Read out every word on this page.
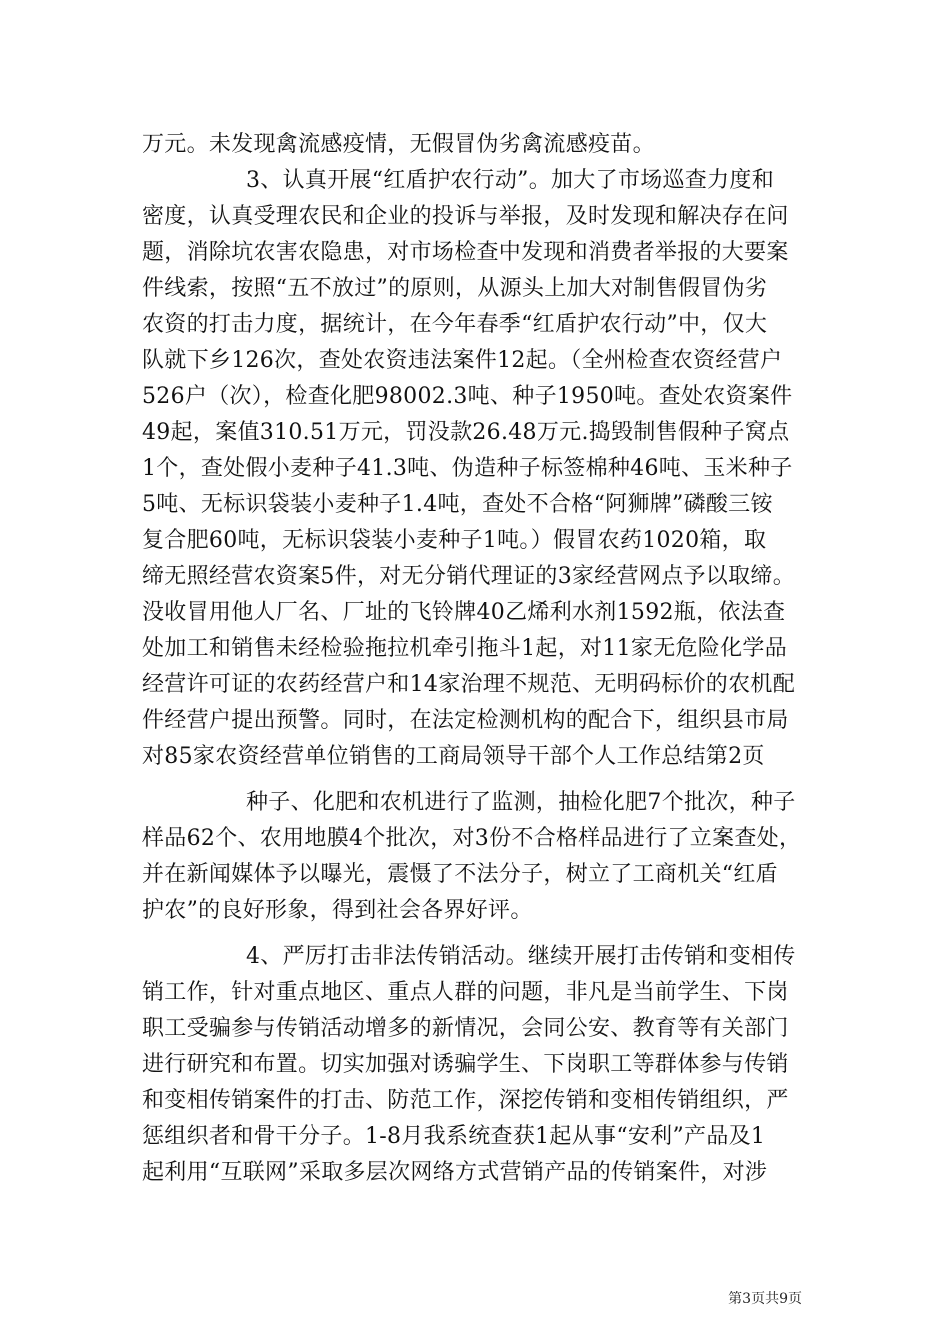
万元。未发现禽流感疫情，无假冒伪劣禽流感疫苗。
3、认真开展“红盾护农行动”。加大了市场巡查力度和
密度，认真受理农民和企业的投诉与举报，及时发现和解决存在问
题，消除坑农害农隐患，对市场检查中发现和消费者举报的大要案
件线索，按照“五不放过”的原则，从源头上加大对制售假冒伪劣
农资的打击力度，据统计，在今年春季“红盾护农行动”中，仅大
队就下乡126次，查处农资违法案件12起。（全州检查农资经营户
526户（次），检查化肥98002.3吨、种子1950吨。查处农资案件
49起，案值310.51万元，罚没款26.48万元.捣毁制售假种子窝点
1个，查处假小麦种子41.3吨、伪造种子标签棉种46吨、玉米种子
5吨、无标识袋装小麦种子1.4吨，查处不合格“阿狮牌”磷酸三铵
复合肥60吨，无标识袋装小麦种子1吨。）假冒农药1020箱，取
缔无照经营农资案5件，对无分销代理证的3家经营网点予以取缔。
没收冒用他人厂名、厂址的飞铃牌40乙烯利水剂1592瓶，依法查
处加工和销售未经检验拖拉机牵引拖斗1起，对11家无危险化学品
经营许可证的农药经营户和14家治理不规范、无明码标价的农机配
件经营户提出预警。同时，在法定检测机构的配合下，组织县市局
对85家农资经营单位销售的工商局领导干部个人工作总结第2页
种子、化肥和农机进行了监测，抽检化肥7个批次，种子
样品62个、农用地膜4个批次，对3份不合格样品进行了立案查处，
并在新闻媒体予以曝光，震慑了不法分子，树立了工商机关“红盾
护农”的良好形象，得到社会各界好评。
4、严厉打击非法传销活动。继续开展打击传销和变相传
销工作，针对重点地区、重点人群的问题，非凡是当前学生、下岗
职工受骗参与传销活动增多的新情况，会同公安、教育等有关部门
进行研究和布置。切实加强对诱骗学生、下岗职工等群体参与传销
和变相传销案件的打击、防范工作，深挖传销和变相传销组织，严
惩组织者和骨干分子。1-8月我系统查获1起从事“安利”产品及1
起利用“互联网”采取多层次网络方式营销产品的传销案件，对涉
第3页共9页
